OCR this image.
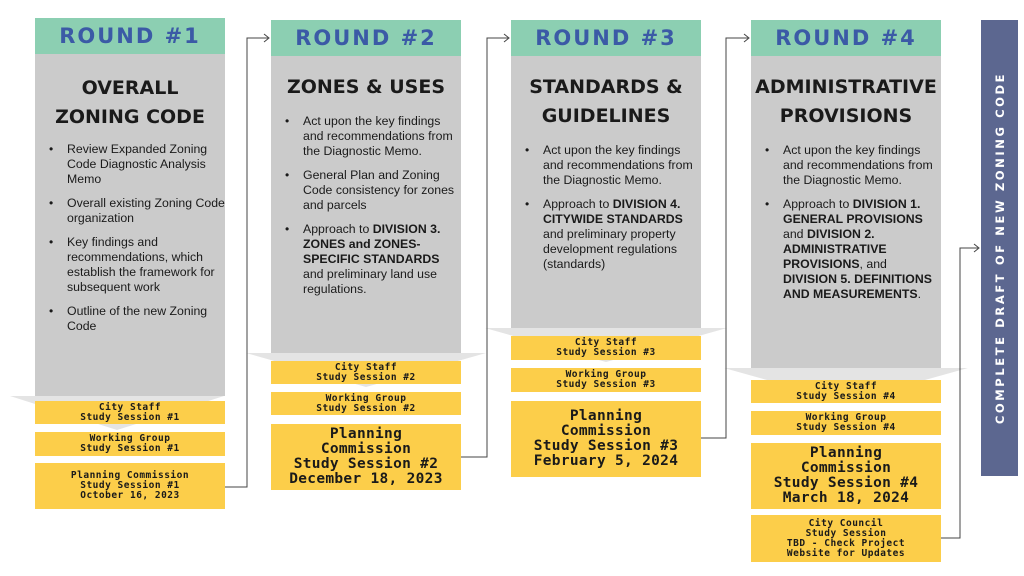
ROUND #1
OVERALL
ZONING CODE
• Review Expanded Zoning Code Diagnostic Analysis Memo
• Overall existing Zoning Code organization
• Key findings and recommendations, which establish the framework for subsequent work
• Outline of the new Zoning Code
City Staff
Study Session #1
Working Group
Study Session #1
Planning Commission
Study Session #1
October 16, 2023
ROUND #2
ZONES & USES
• Act upon the key findings and recommendations from the Diagnostic Memo.
• General Plan and Zoning Code consistency for zones and parcels
• Approach to DIVISION 3. ZONES and ZONES-SPECIFIC STANDARDS and preliminary land use regulations.
City Staff
Study Session #2
Working Group
Study Session #2
Planning
Commission
Study Session #2
December 18, 2023
ROUND #3
STANDARDS &
GUIDELINES
• Act upon the key findings and recommendations from the Diagnostic Memo.
• Approach to DIVISION 4. CITYWIDE STANDARDS and preliminary property development regulations (standards)
City Staff
Study Session #3
Working Group
Study Session #3
Planning
Commission
Study Session #3
February 5, 2024
ROUND #4
ADMINISTRATIVE
PROVISIONS
• Act upon the key findings and recommendations from the Diagnostic Memo.
• Approach to DIVISION 1. GENERAL PROVISIONS and DIVISION 2. ADMINISTRATIVE PROVISIONS, and DIVISION 5. DEFINITIONS AND MEASUREMENTS.
City Staff
Study Session #4
Working Group
Study Session #4
Planning
Commission
Study Session #4
March 18, 2024
City Council
Study Session
TBD - Check Project
Website for Updates
COMPLETE DRAFT OF NEW ZONING CODE
